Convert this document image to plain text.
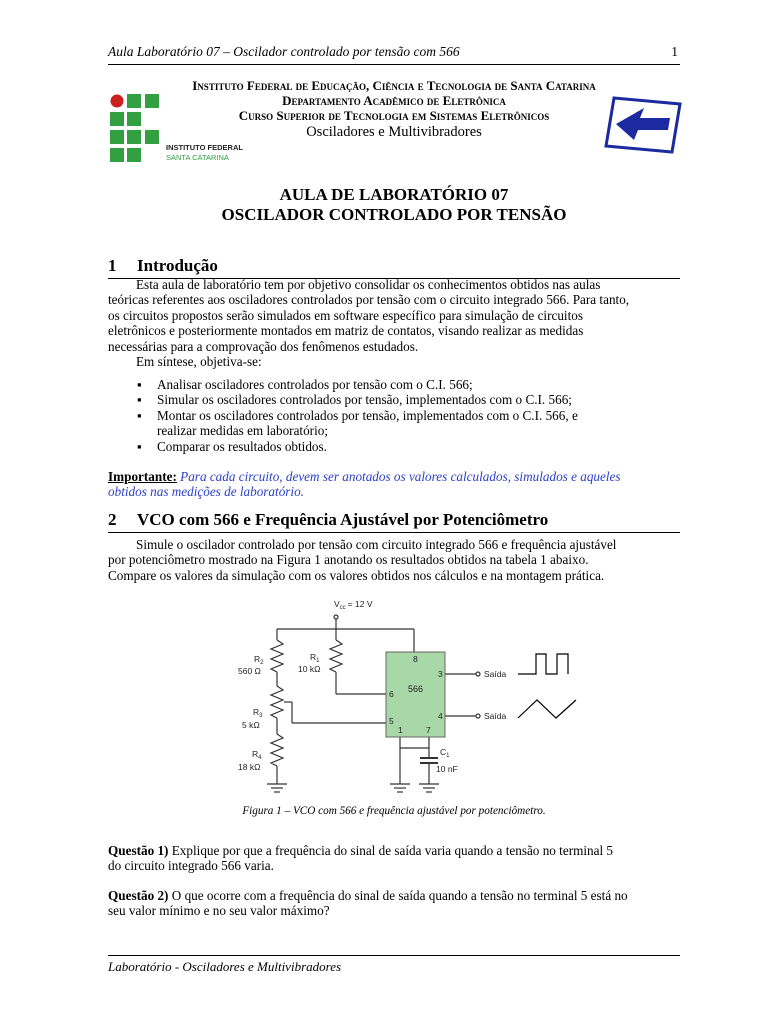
Aula Laboratório 07 – Oscilador controlado por tensão com 566	1
INSTITUTO FEDERAL
SANTA CATARINA
Instituto Federal de Educação, Ciência e Tecnologia de Santa Catarina
Departamento Acadêmico de Eletrônica
Curso Superior de Tecnologia em Sistemas Eletrônicos
Osciladores e Multivibradores
AULA DE LABORATÓRIO 07
OSCILADOR CONTROLADO POR TENSÃO
1 Introdução
Esta aula de laboratório tem por objetivo consolidar os conhecimentos obtidos nas aulas
teóricas referentes aos osciladores controlados por tensão com o circuito integrado 566. Para tanto,
os circuitos propostos serão simulados em software específico para simulação de circuitos
eletrônicos e posteriormente montados em matriz de contatos, visando realizar as medidas
necessárias para a comprovação dos fenômenos estudados.
Em síntese, objetiva-se:
▪ Analisar osciladores controlados por tensão com o C.I. 566;
▪ Simular os osciladores controlados por tensão, implementados com o C.I. 566;
▪ Montar os osciladores controlados por tensão, implementados com o C.I. 566, e
realizar medidas em laboratório;
▪ Comparar os resultados obtidos.
Importante: Para cada circuito, devem ser anotados os valores calculados, simulados e aqueles
obtidos nas medições de laboratório.
2 VCO com 566 e Frequência Ajustável por Potenciômetro
Simule o oscilador controlado por tensão com circuito integrado 566 e frequência ajustável
por potenciômetro mostrado na Figura 1 anotando os resultados obtidos na tabela 1 abaixo.
Compare os valores da simulação com os valores obtidos nos cálculos e na montagem prática.
$V_{cc} = 12$ V
$R_2$
560 Ω
$R_1$
10 kΩ
$R_3$
5 kΩ
$R_4$
18 kΩ
$C_1$
10 nF
566
8
6
5
1	7
3
4
Saída
Saída
Figura 1 – VCO com 566 e frequência ajustável por potenciômetro.
Questão 1) Explique por que a frequência do sinal de saída varia quando a tensão no terminal 5
do circuito integrado 566 varia.
Questão 2) O que ocorre com a frequência do sinal de saída quando a tensão no terminal 5 está no
seu valor mínimo e no seu valor máximo?
Laboratório - Osciladores e Multivibradores
